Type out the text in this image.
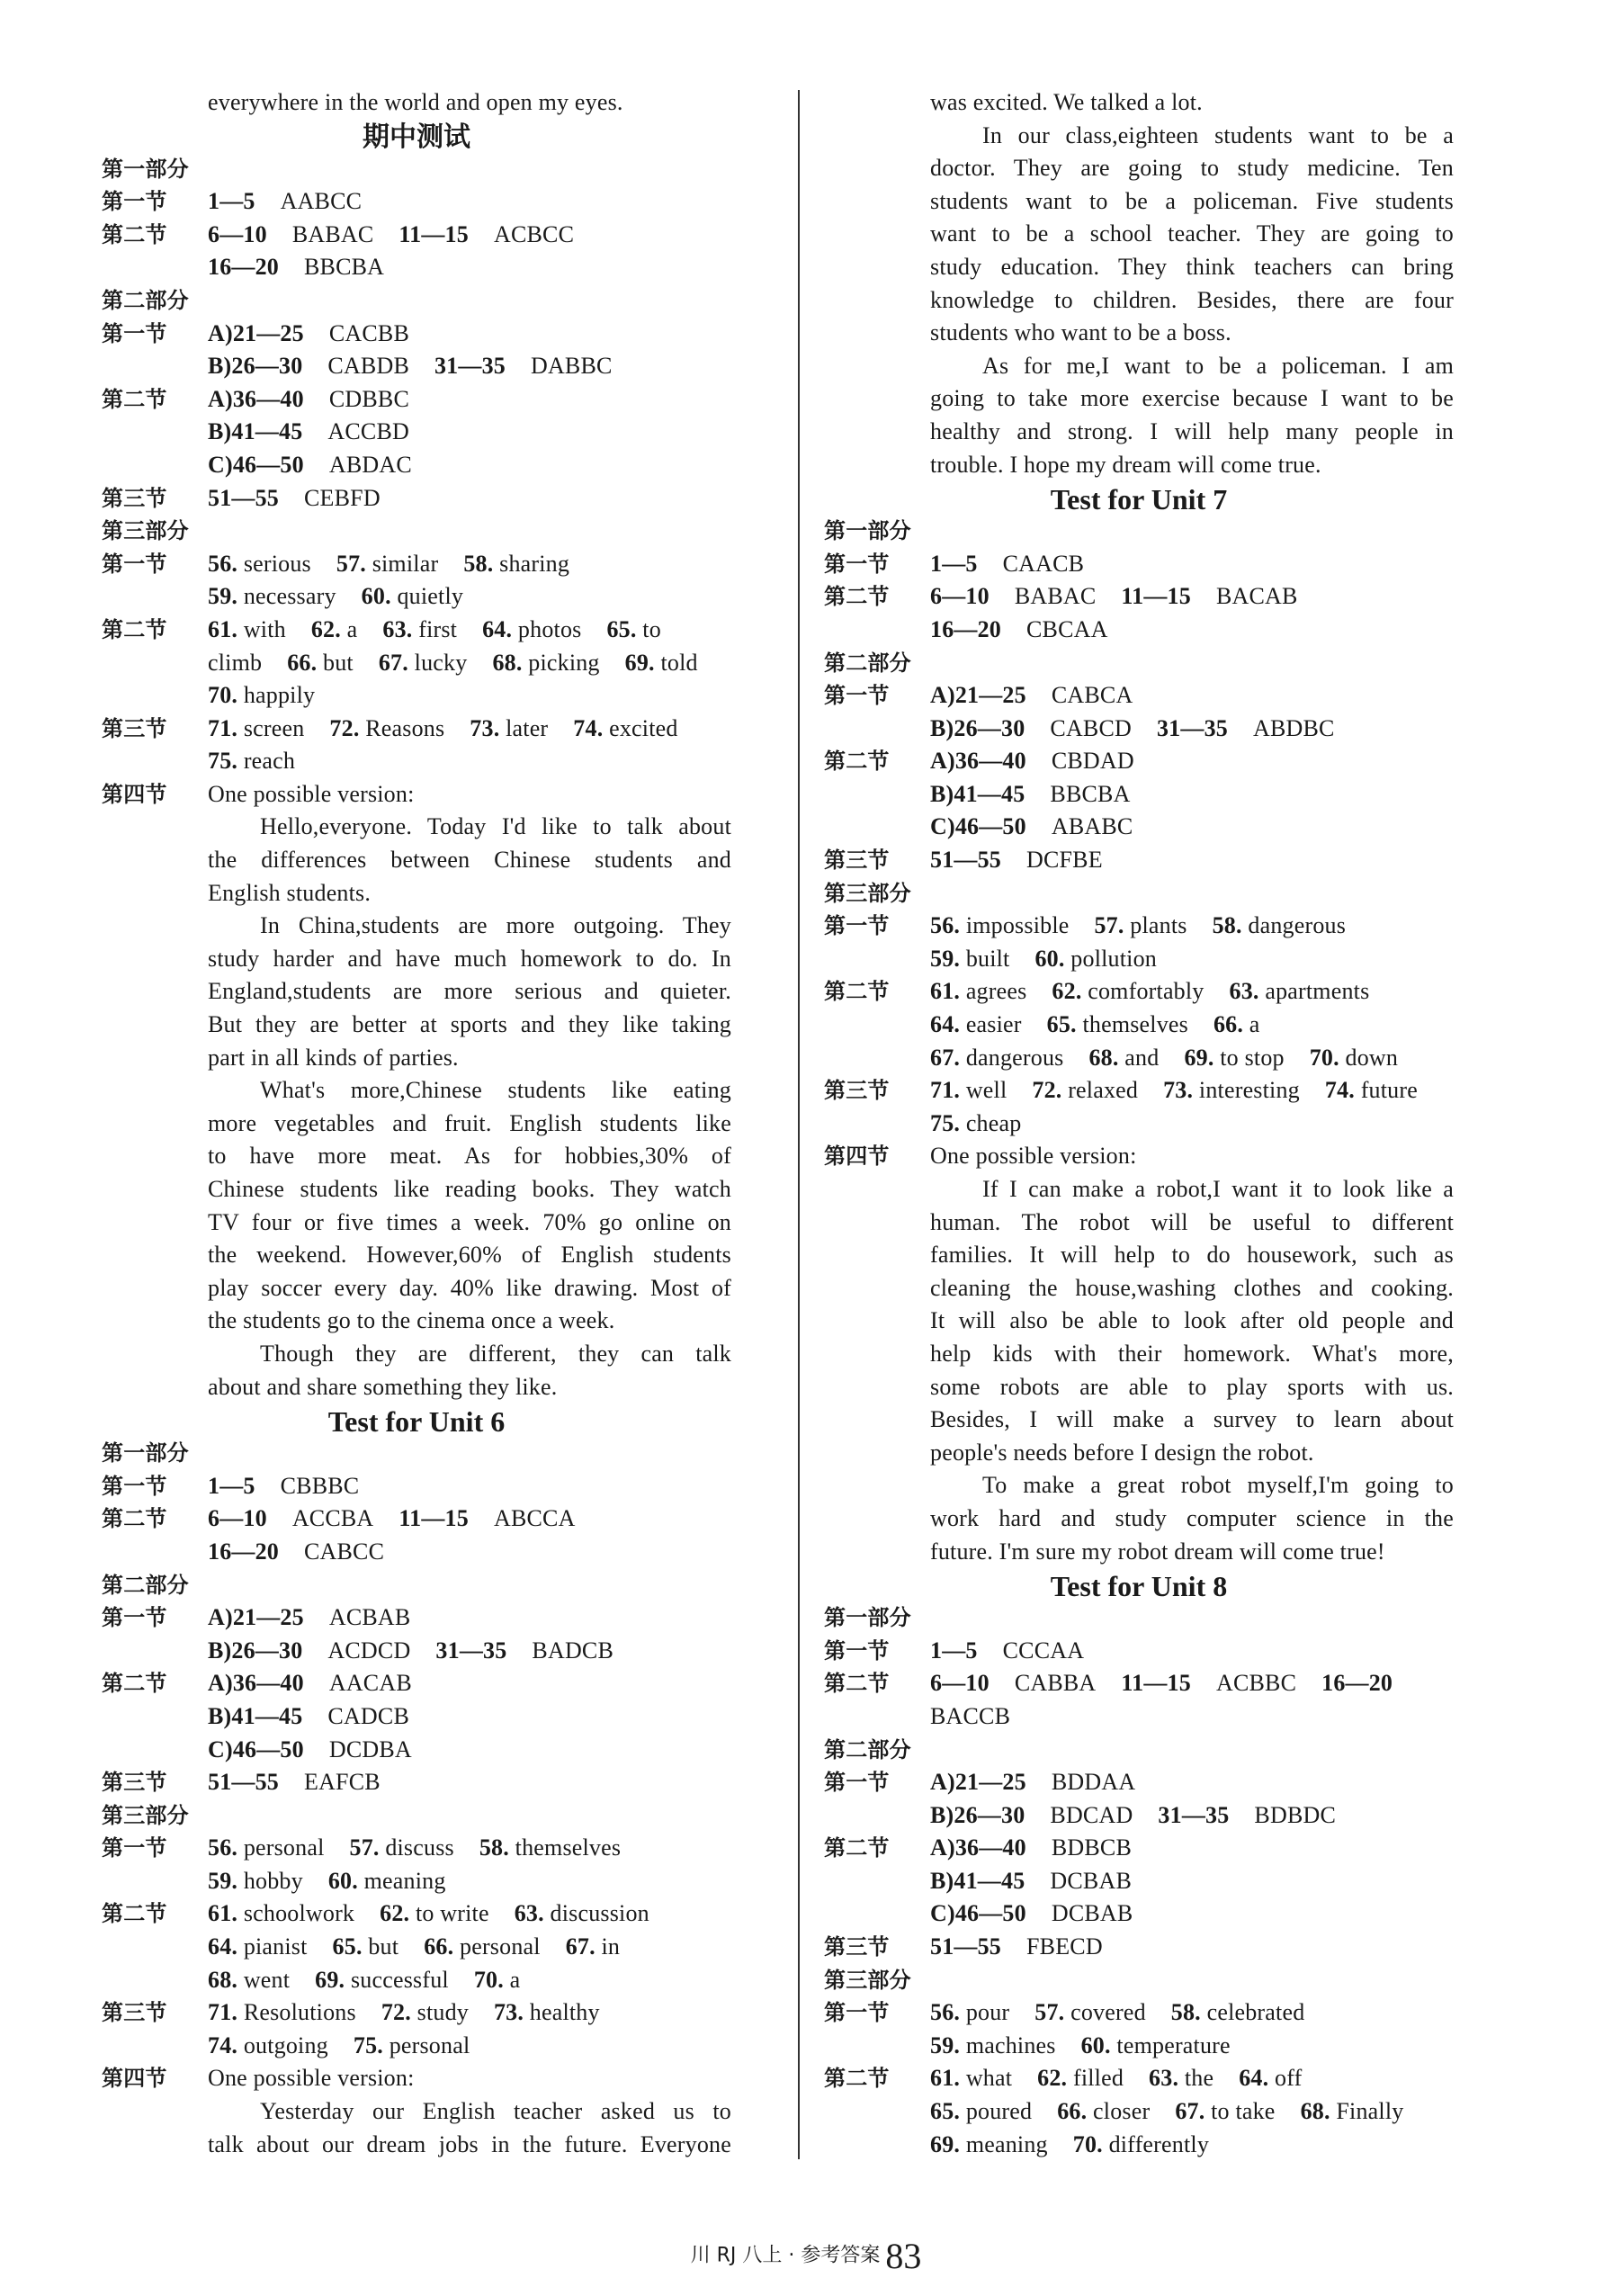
everywhere in the world and open my eyes.
期中测试
第一部分
第一节 1—5 AABCC
第二节 6—10 BABAC 11—15 ACBCC
16—20 BBCBA
第二部分
第一节 A)21—25 CACBB
B)26—30 CABDB 31—35 DABBC
第二节 A)36—40 CDBBC
B)41—45 ACCBD
C)46—50 ABDAC
第三节 51—55 CEBFD
第三部分
第一节 56. serious 57. similar 58. sharing
59. necessary 60. quietly
第二节 61. with 62. a 63. first 64. photos 65. to
climb 66. but 67. lucky 68. picking 69. told
70. happily
第三节 71. screen 72. Reasons 73. later 74. excited
75. reach
第四节 One possible version:
Hello,everyone. Today I'd like to talk about
the differences between Chinese students and
English students.
In China,students are more outgoing. They
study harder and have much homework to do. In
England,students are more serious and quieter.
But they are better at sports and they like taking
part in all kinds of parties.
What's more,Chinese students like eating
more vegetables and fruit. English students like
to have more meat. As for hobbies,30% of
Chinese students like reading books. They watch
TV four or five times a week. 70% go online on
the weekend. However,60% of English students
play soccer every day. 40% like drawing. Most of
the students go to the cinema once a week.
Though they are different, they can talk
about and share something they like.
Test for Unit 6
第一部分
第一节 1—5 CBBBC
第二节 6—10 ACCBA 11—15 ABCCA
16—20 CABCC
第二部分
第一节 A)21—25 ACBAB
B)26—30 ACDCD 31—35 BADCB
第二节 A)36—40 AACAB
B)41—45 CADCB
C)46—50 DCDBA
第三节 51—55 EAFCB
第三部分
第一节 56. personal 57. discuss 58. themselves
59. hobby 60. meaning
第二节 61. schoolwork 62. to write 63. discussion
64. pianist 65. but 66. personal 67. in
68. went 69. successful 70. a
第三节 71. Resolutions 72. study 73. healthy
74. outgoing 75. personal
第四节 One possible version:
Yesterday our English teacher asked us to
talk about our dream jobs in the future. Everyone
was excited. We talked a lot.
In our class,eighteen students want to be a
doctor. They are going to study medicine. Ten
students want to be a policeman. Five students
want to be a school teacher. They are going to
study education. They think teachers can bring
knowledge to children. Besides, there are four
students who want to be a boss.
As for me,I want to be a policeman. I am
going to take more exercise because I want to be
healthy and strong. I will help many people in
trouble. I hope my dream will come true.
Test for Unit 7
第一部分
第一节 1—5 CAACB
第二节 6—10 BABAC 11—15 BACAB
16—20 CBCAA
第二部分
第一节 A)21—25 CABCA
B)26—30 CABCD 31—35 ABDBC
第二节 A)36—40 CBDAD
B)41—45 BBCBA
C)46—50 ABABC
第三节 51—55 DCFBE
第三部分
第一节 56. impossible 57. plants 58. dangerous
59. built 60. pollution
第二节 61. agrees 62. comfortably 63. apartments
64. easier 65. themselves 66. a
67. dangerous 68. and 69. to stop 70. down
第三节 71. well 72. relaxed 73. interesting 74. future
75. cheap
第四节 One possible version:
If I can make a robot,I want it to look like a
human. The robot will be useful to different
families. It will help to do housework, such as
cleaning the house,washing clothes and cooking.
It will also be able to look after old people and
help kids with their homework. What's more,
some robots are able to play sports with us.
Besides, I will make a survey to learn about
people's needs before I design the robot.
To make a great robot myself,I'm going to
work hard and study computer science in the
future. I'm sure my robot dream will come true!
Test for Unit 8
第一部分
第一节 1—5 CCCAA
第二节 6—10 CABBA 11—15 ACBBC 16—20
BACCB
第二部分
第一节 A)21—25 BDDAA
B)26—30 BDCAD 31—35 BDBDC
第二节 A)36—40 BDBCB
B)41—45 DCBAB
C)46—50 DCBAB
第三节 51—55 FBECD
第三部分
第一节 56. pour 57. covered 58. celebrated
59. machines 60. temperature
第二节 61. what 62. filled 63. the 64. off
65. poured 66. closer 67. to take 68. Finally
69. meaning 70. differently
川 RJ 八上 · 参考答案 83
